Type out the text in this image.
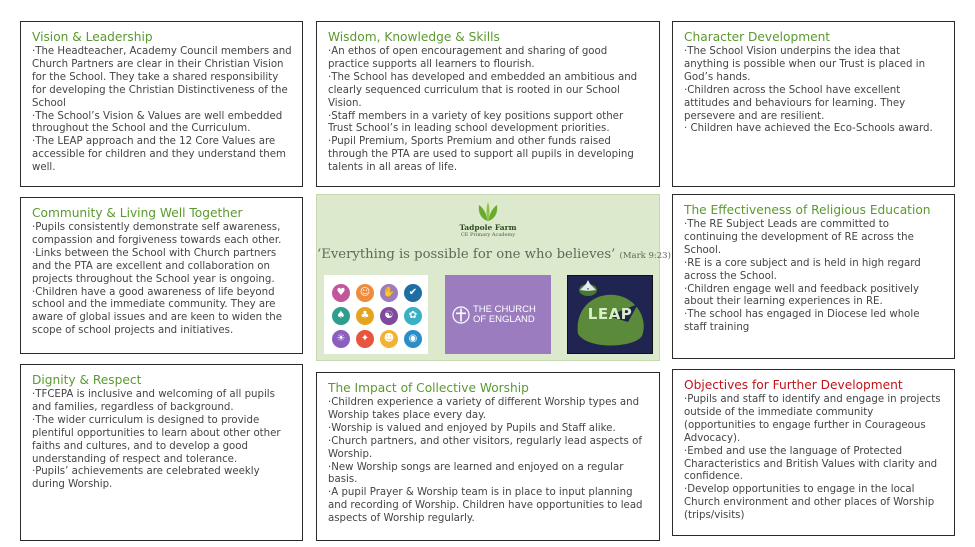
Vision & Leadership

·The Headteacher, Academy Council members and Church Partners are clear in their Christian Vision for the School. They take a shared responsibility for developing the Christian Distinctiveness of the School

·The School’s Vision & Values are well embedded throughout the School and the Curriculum.

·The LEAP approach and the 12 Core Values are accessible for children and they understand them well.

Wisdom, Knowledge & Skills

·An ethos of open encouragement and sharing of good practice supports all learners to flourish.

·The School has developed and embedded an ambitious and clearly sequenced curriculum that is rooted in our School Vision.

·Staff members in a variety of key positions support other Trust School’s in leading school development priorities.

·Pupil Premium, Sports Premium and other funds raised through the PTA are used to support all pupils in developing talents in all areas of life.

Character Development

·The School Vision underpins the idea that anything is possible when our Trust is placed in God’s hands.

·Children across the School have excellent attitudes and behaviours for learning. They persevere and are resilient.

· Children have achieved the Eco-Schools award.

Community & Living Well Together

·Pupils consistently demonstrate self awareness, compassion and forgiveness towards each other.

·Links between the School with Church partners and the PTA are excellent and collaboration on projects throughout the School year is ongoing.

·Children have a good awareness of life beyond school and the immediate community. They are aware of global issues and are keen to widen the scope of school projects and initiatives.

Tadpole Farm
CE Primary Academy
‘Everything is possible for one who believes’ (Mark 9:23)
♥	☺	✋	✔
♠	♣	☯	✿
☀	✦	☻	◉
THE CHURCH
OF ENGLAND	LEAP
The Effectiveness of Religious Education

·The RE Subject Leads are committed to continuing the development of RE across the School.

·RE is a core subject and is held in high regard across the School.

·Children engage well and feedback positively about their learning experiences in RE.

·The school has engaged in Diocese led whole staff training

Dignity & Respect

·TFCEPA is inclusive and welcoming of all pupils and families, regardless of background.

·The wider curriculum is designed to provide plentiful opportunities to learn about other other faiths and cultures, and to develop a good understanding of respect and tolerance.

·Pupils’ achievements are celebrated weekly during Worship.

The Impact of Collective Worship

·Children experience a variety of different Worship types and Worship takes place every day.

·Worship is valued and enjoyed by Pupils and Staff alike.

·Church partners, and other visitors, regularly lead aspects of Worship.

·New Worship songs are learned and enjoyed on a regular basis.

·A pupil Prayer & Worship team is in place to input planning and recording of Worship. Children have opportunities to lead aspects of Worship regularly.

Objectives for Further Development

·Pupils and staff to identify and engage in projects outside of the immediate community (opportunities to engage further in Courageous Advocacy).

·Embed and use the language of Protected Characteristics and British Values with clarity and confidence.

·Develop opportunities to engage in the local Church environment and other places of Worship (trips/visits)
